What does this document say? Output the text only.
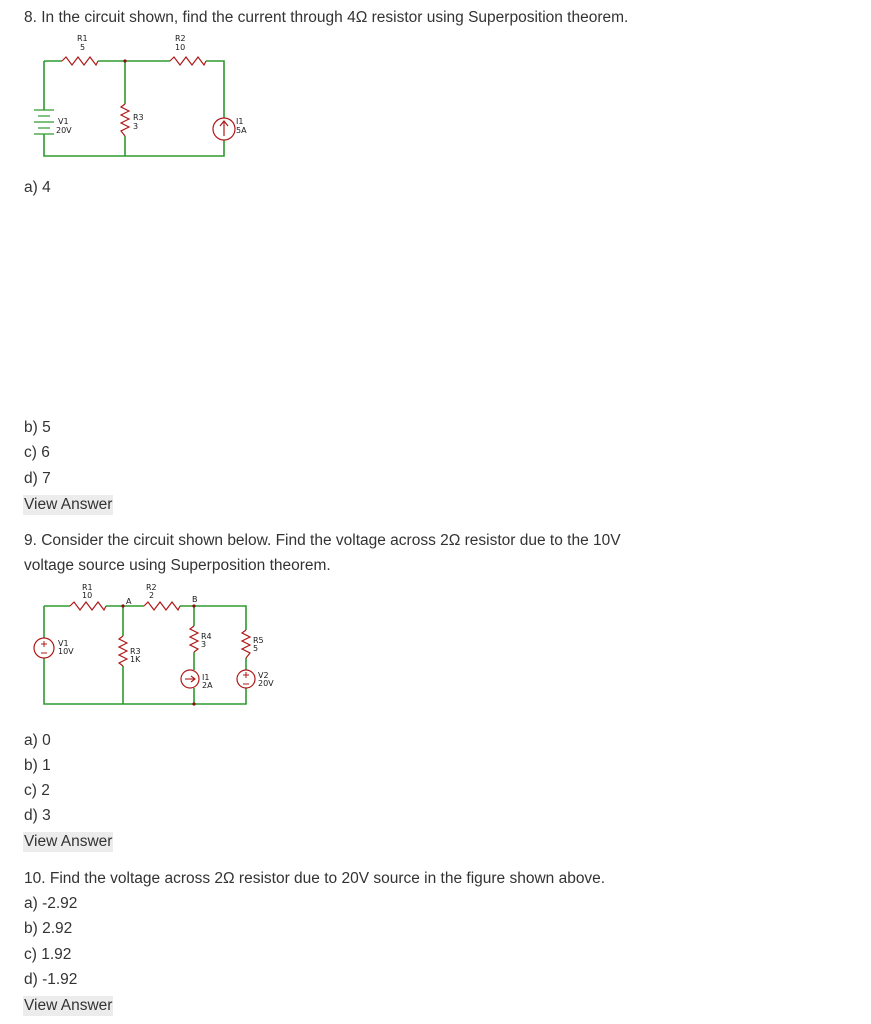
8. In the circuit shown, find the current through 4Ω resistor using Superposition theorem.
R1
5
R2
10
V1
20V
R3
3
I1
5A
a) 4
b) 5
c) 6
d) 7
View Answer
9. Consider the circuit shown below. Find the voltage across 2Ω resistor due to the 10V
voltage source using Superposition theorem.
R1
10
R2
2
A	B
V1
10V	R3
1K
R4
3
I1
2A
R5
5
V2
20V
a) 0
b) 1
c) 2
d) 3
View Answer
10. Find the voltage across 2Ω resistor due to 20V source in the figure shown above.
a) -2.92
b) 2.92
c) 1.92
d) -1.92
View Answer
